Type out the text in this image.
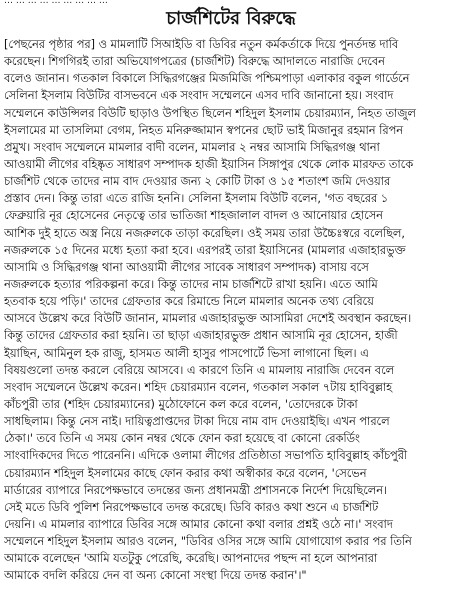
… … … … … … … … …
চার্জশিটের বিরুদ্ধে
[পেছনের পৃষ্ঠার পর] ও মামলাটি সিআইডি বা ডিবির নতুন কর্মকর্তাকে দিয়ে পুনর্তদন্ত দাবি
করেছেন। শিগগিরই তারা অভিযোগপত্রের (চার্জশিট) বিরুদ্ধে আদালতে নারাজি দেবেন
বলেও জানান। গতকাল বিকালে সিদ্ধিরগঞ্জের মিজমিজি পশ্চিমপাড়া এলাকার বকুল গার্ডেনে
সেলিনা ইসলাম বিউটির বাসভবনে এক সংবাদ সম্মেলনে এসব দাবি জানানো হয়। সংবাদ
সম্মেলনে কাউন্সিলর বিউটি ছাড়াও উপস্থিত ছিলেন শহিদুল ইসলাম চেয়ারম্যান, নিহত তাজুল
ইসলামের মা তাসলিমা বেগম, নিহত মনিরুজ্জামান স্বপনের ছোট ভাই মিজানুর রহমান রিপন
প্রমুখ। সংবাদ সম্মেলনে মামলার বাদী বলেন, মামলার ২ নম্বর আসামি সিদ্ধিরগঞ্জ থানা
আওয়ামী লীগের বহিষ্কৃত সাধারণ সম্পাদক হাজী ইয়াসিন সিঙ্গাপুর থেকে লোক মারফত তাকে
চার্জশিট থেকে তাদের নাম বাদ দেওয়ার জন্য ২ কোটি টাকা ও ১৫ শতাংশ জমি দেওয়ার
প্রস্তাব দেন। কিন্তু তারা এতে রাজি হননি। সেলিনা ইসলাম বিউটি বলেন, 'গত বছরের ১
ফেব্রুয়ারি নূর হোসেনের নেতৃত্বে তার ভাতিজা শাহজালাল বাদল ও আনোয়ার হোসেন
আশিক দুই হাতে অস্ত্র নিয়ে নজরুলকে তাড়া করেছিল। ওই সময় তারা উচ্চৈঃস্বরে বলেছিল,
নজরুলকে ১৫ দিনের মধ্যে হত্যা করা হবে। এরপরই তারা ইয়াসিনের (মামলার এজাহারভুক্ত
আসামি ও সিদ্ধিরগঞ্জ থানা আওয়ামী লীগের সাবেক সাধারণ সম্পাদক) বাসায় বসে
নজরুলকে হত্যার পরিকল্পনা করে। কিন্তু তাদের নাম চার্জশিটে রাখা হয়নি। এতে আমি
হতবাক হয়ে পড়ি।' তাদের গ্রেফতার করে রিমান্ডে নিলে মামলার অনেক তথ্য বেরিয়ে
আসবে উল্লেখ করে বিউটি জানান, মামলার এজাহারভুক্ত আসামিরা দেশেই অবস্থান করছেন।
কিন্তু তাদের গ্রেফতার করা হয়নি। তা ছাড়া এজাহারভুক্ত প্রধান আসামি নূর হোসেন, হাজী
ইয়াছিন, আমিনুল হক রাজু, হাসমত আলী হাসুর পাসপোর্টে ভিসা লাগানো ছিল। এ
বিষয়গুলো তদন্ত করলে বেরিয়ে আসবে। এ কারণে তিনি এ মামলায় নারাজি দেবেন বলে
সংবাদ সম্মেলনে উল্লেখ করেন। শহিদ চেয়ারম্যান বলেন, গতকাল সকাল ৭টায় হাবিবুল্লাহ
কাঁচপুরী তার (শহিদ চেয়ারম্যানের) মুঠোফোনে কল করে বলেন, 'তোদেরকে টাকা
সাধছিলাম। কিন্তু নেস নাই। দায়িত্বপ্রাপ্তদের টাকা দিয়ে নাম বাদ দেওয়াইছি। এখন পারলে
ঠেকা।' তবে তিনি এ সময় কোন নম্বর থেকে ফোন করা হয়েছে বা কোনো রেকর্ডিং
সাংবাদিকদের দিতে পারেননি। এদিকে ওলামা লীগের প্রতিষ্ঠাতা সভাপতি হাবিবুল্লাহ কাঁচপুরী
চেয়ারম্যান শহিদুল ইসলামের কাছে ফোন করার কথা অস্বীকার করে বলেন, 'সেভেন
মার্ডারের ব্যাপারে নিরপেক্ষভাবে তদন্তের জন্য প্রধানমন্ত্রী প্রশাসনকে নির্দেশ দিয়েছিলেন।
সেই মতে ডিবি পুলিশ নিরপেক্ষভাবে তদন্ত করেছে। ডিবি কারও কথা শুনে এ চার্জশিট
দেয়নি। এ মামলার ব্যাপারে ডিবির সঙ্গে আমার কোনো কথা বলার প্রশ্নই ওঠে না।' সংবাদ
সম্মেলনে শহিদুল ইসলাম আরও বলেন, "ডিবির ওসির সঙ্গে আমি যোগাযোগ করার পর তিনি
আমাকে বলেছেন 'আমি যতটুকু পেরেছি, করেছি। আপনাদের পছন্দ না হলে আপনারা
আমাকে বদলি করিয়ে দেন বা অন্য কোনো সংস্থা দিয়ে তদন্ত করান'।"
